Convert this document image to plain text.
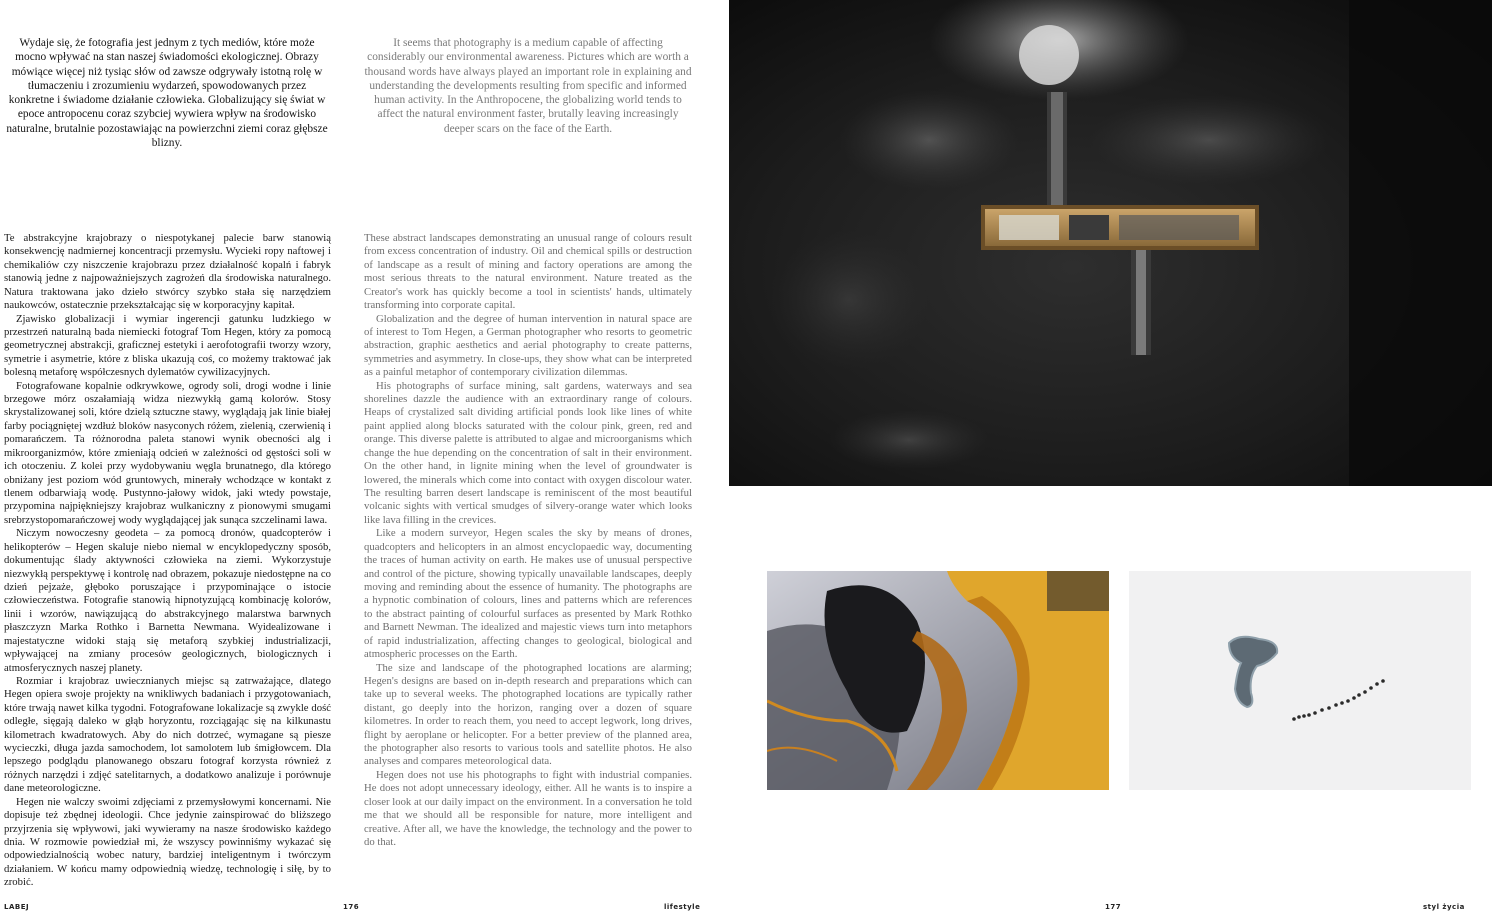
Wydaje się, że fotografia jest jednym z tych mediów, które może mocno wpływać na stan naszej świadomości ekologicznej. Obrazy mówiące więcej niż tysiąc słów od zawsze odgrywały istotną rolę w tłumaczeniu i zrozumieniu wydarzeń, spowodowanych przez konkretne i świadome działanie człowieka. Globalizujący się świat w epoce antropocenu coraz szybciej wywiera wpływ na środowisko naturalne, brutalnie pozostawiając na powierzchni ziemi coraz głębsze blizny.

It seems that photography is a medium capable of affecting considerably our environmental awareness. Pictures which are worth a thousand words have always played an important role in explaining and understanding the developments resulting from specific and informed human activity. In the Anthropocene, the globalizing world tends to affect the natural environment faster, brutally leaving increasingly deeper scars on the face of the Earth.

Te abstrakcyjne krajobrazy o niespotykanej palecie barw stanowią konsekwencję nadmiernej koncentracji przemysłu. Wycieki ropy naftowej i chemikaliów czy niszczenie krajobrazu przez działalność kopalń i fabryk stanowią jedne z najpoważniejszych zagrożeń dla środowiska naturalnego. Natura traktowana jako dzieło stwórcy szybko stała się narzędziem naukowców, ostatecznie przekształcając się w korporacyjny kapitał.

Zjawisko globalizacji i wymiar ingerencji gatunku ludzkiego w przestrzeń naturalną bada niemiecki fotograf Tom Hegen, który za pomocą geometrycznej abstrakcji, graficznej estetyki i aerofotografii tworzy wzory, symetrie i asymetrie, które z bliska ukazują coś, co możemy traktować jak bolesną metaforę współczesnych dylematów cywilizacyjnych.

Fotografowane kopalnie odkrywkowe, ogrody soli, drogi wodne i linie brzegowe mórz oszałamiają widza niezwykłą gamą kolorów. Stosy skrystalizowanej soli, które dzielą sztuczne stawy, wyglądają jak linie białej farby pociągniętej wzdłuż bloków nasyconych różem, zielenią, czerwienią i pomarańczem. Ta różnorodna paleta stanowi wynik obecności alg i mikroorganizmów, które zmieniają odcień w zależności od gęstości soli w ich otoczeniu. Z kolei przy wydobywaniu węgla brunatnego, dla którego obniżany jest poziom wód gruntowych, minerały wchodzące w kontakt z tlenem odbarwiają wodę. Pustynno-jałowy widok, jaki wtedy powstaje, przypomina najpiękniejszy krajobraz wulkaniczny z pionowymi smugami srebrzystopomarańczowej wody wyglądającej jak sunąca szczelinami lawa.

Niczym nowoczesny geodeta – za pomocą dronów, quadcopterów i helikopterów – Hegen skaluje niebo niemal w encyklopedyczny sposób, dokumentując ślady aktywności człowieka na ziemi. Wykorzystuje niezwykłą perspektywę i kontrolę nad obrazem, pokazuje niedostępne na co dzień pejzaże, głęboko poruszające i przypominające o istocie człowieczeństwa. Fotografie stanowią hipnotyzującą kombinację kolorów, linii i wzorów, nawiązującą do abstrakcyjnego malarstwa barwnych płaszczyzn Marka Rothko i Barnetta Newmana. Wyidealizowane i majestatyczne widoki stają się metaforą szybkiej industrializacji, wpływającej na zmiany procesów geologicznych, biologicznych i atmosferycznych naszej planety.

Rozmiar i krajobraz uwiecznianych miejsc są zatrważające, dlatego Hegen opiera swoje projekty na wnikliwych badaniach i przygotowaniach, które trwają nawet kilka tygodni. Fotografowane lokalizacje są zwykle dość odległe, sięgają daleko w głąb horyzontu, rozciągając się na kilkunastu kilometrach kwadratowych. Aby do nich dotrzeć, wymagane są piesze wycieczki, długa jazda samochodem, lot samolotem lub śmigłowcem. Dla lepszego podglądu planowanego obszaru fotograf korzysta również z różnych narzędzi i zdjęć satelitarnych, a dodatkowo analizuje i porównuje dane meteorologiczne.

Hegen nie walczy swoimi zdjęciami z przemysłowymi koncernami. Nie dopisuje też zbędnej ideologii. Chce jedynie zainspirować do bliższego przyjrzenia się wpływowi, jaki wywieramy na nasze środowisko każdego dnia. W rozmowie powiedział mi, że wszyscy powinniśmy wykazać się odpowiedzialnością wobec natury, bardziej inteligentnym i twórczym działaniem. W końcu mamy odpowiednią wiedzę, technologię i siłę, by to zrobić.

These abstract landscapes demonstrating an unusual range of colours result from excess concentration of industry. Oil and chemical spills or destruction of landscape as a result of mining and factory operations are among the most serious threats to the natural environment. Nature treated as the Creator's work has quickly become a tool in scientists' hands, ultimately transforming into corporate capital.

Globalization and the degree of human intervention in natural space are of interest to Tom Hegen, a German photographer who resorts to geometric abstraction, graphic aesthetics and aerial photography to create patterns, symmetries and asymmetry. In close-ups, they show what can be interpreted as a painful metaphor of contemporary civilization dilemmas.

His photographs of surface mining, salt gardens, waterways and sea shorelines dazzle the audience with an extraordinary range of colours. Heaps of crystalized salt dividing artificial ponds look like lines of white paint applied along blocks saturated with the colour pink, green, red and orange. This diverse palette is attributed to algae and microorganisms which change the hue depending on the concentration of salt in their environment. On the other hand, in lignite mining when the level of groundwater is lowered, the minerals which come into contact with oxygen discolour water. The resulting barren desert landscape is reminiscent of the most beautiful volcanic sights with vertical smudges of silvery-orange water which looks like lava filling in the crevices.

Like a modern surveyor, Hegen scales the sky by means of drones, quadcopters and helicopters in an almost encyclopaedic way, documenting the traces of human activity on earth. He makes use of unusual perspective and control of the picture, showing typically unavailable landscapes, deeply moving and reminding about the essence of humanity. The photographs are a hypnotic combination of colours, lines and patterns which are references to the abstract painting of colourful surfaces as presented by Mark Rothko and Barnett Newman. The idealized and majestic views turn into metaphors of rapid industrialization, affecting changes to geological, biological and atmospheric processes on the Earth.

The size and landscape of the photographed locations are alarming; Hegen's designs are based on in-depth research and preparations which can take up to several weeks. The photographed locations are typically rather distant, go deeply into the horizon, ranging over a dozen of square kilometres. In order to reach them, you need to accept legwork, long drives, flight by aeroplane or helicopter. For a better preview of the planned area, the photographer also resorts to various tools and satellite photos. He also analyses and compares meteorological data.

Hegen does not use his photographs to fight with industrial companies. He does not adopt unnecessary ideology, either. All he wants is to inspire a closer look at our daily impact on the environment. In a conversation he told me that we should all be responsible for nature, more intelligent and creative. After all, we have the knowledge, the technology and the power to do that.

LABEJ	176	lifestyle	177	styl życia
